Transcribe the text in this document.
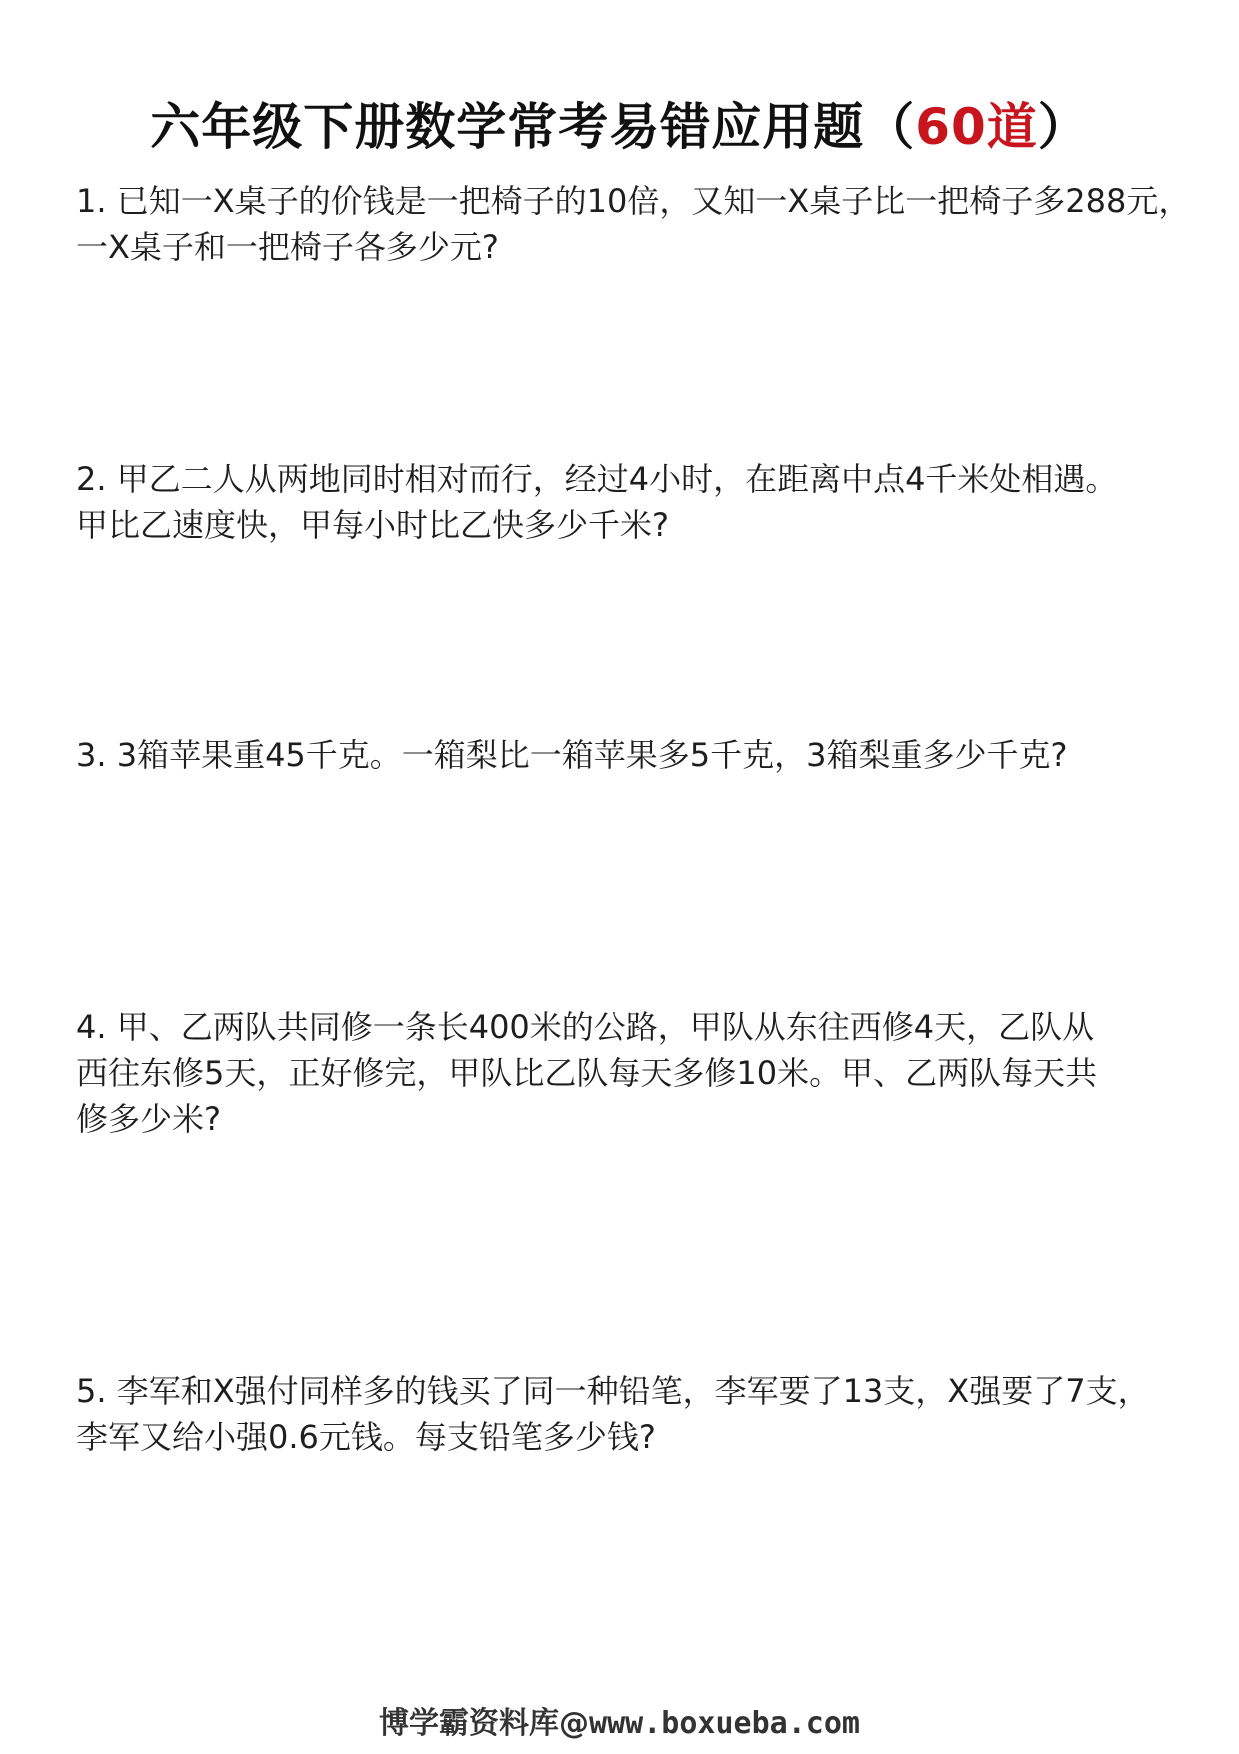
六年级下册数学常考易错应用题（60道）
1. 已知一X桌子的价钱是一把椅子的10倍，又知一X桌子比一把椅子多288元，
一X桌子和一把椅子各多少元?
2. 甲乙二人从两地同时相对而行，经过4小时，在距离中点4千米处相遇。
甲比乙速度快，甲每小时比乙快多少千米?
3. 3箱苹果重45千克。一箱梨比一箱苹果多5千克，3箱梨重多少千克?
4. 甲、乙两队共同修一条长400米的公路，甲队从东往西修4天，乙队从
西往东修5天，正好修完，甲队比乙队每天多修10米。甲、乙两队每天共
修多少米?
5. 李军和X强付同样多的钱买了同一种铅笔，李军要了13支，X强要了7支，
李军又给小强0.6元钱。每支铅笔多少钱?
博学霸资料库@www.boxueba.com
